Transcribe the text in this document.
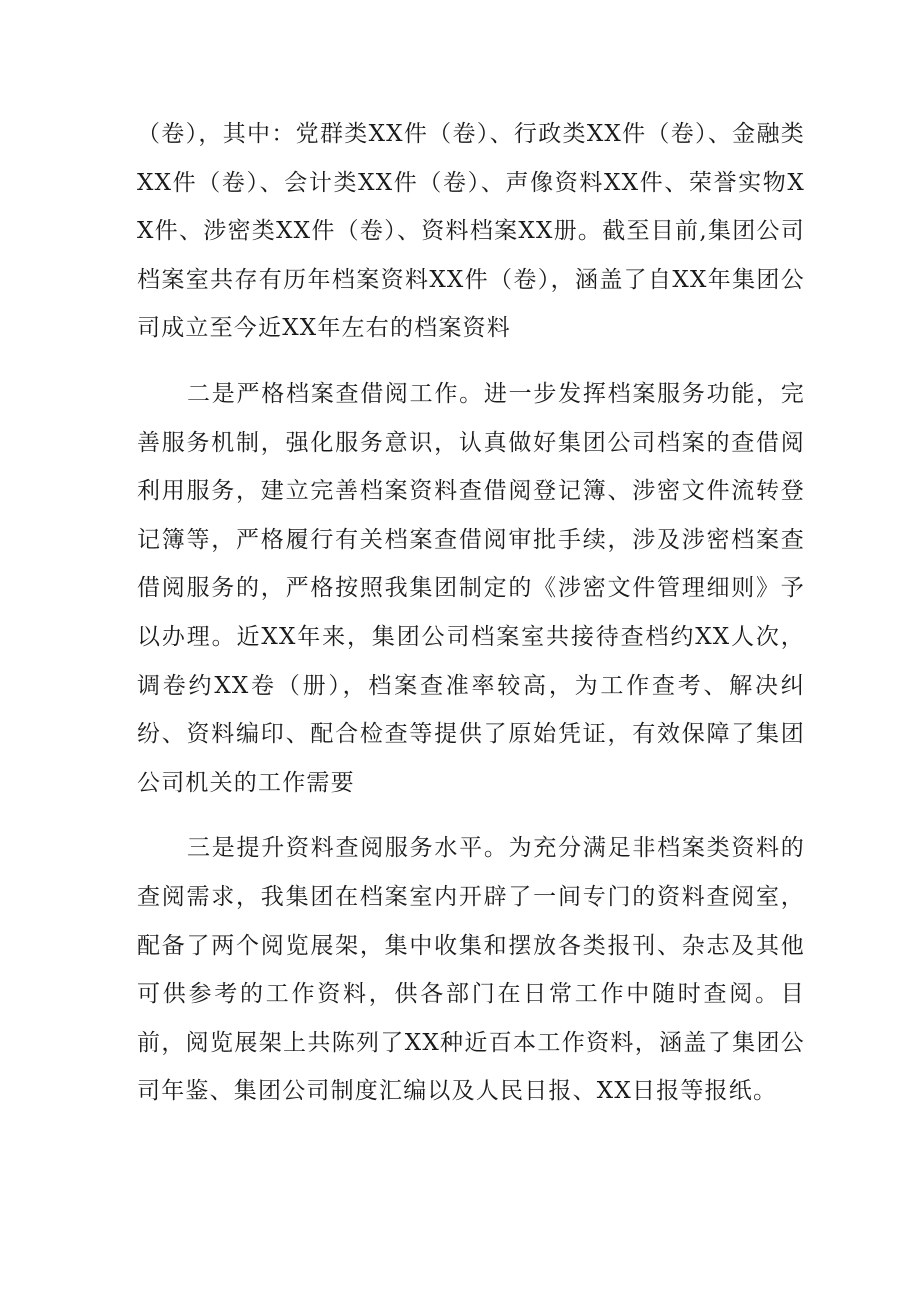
（卷），其中：党群类XX件（卷）、行政类XX件（卷）、金融类XX件（卷）、会计类XX件（卷）、声像资料XX件、荣誉实物XX件、涉密类XX件（卷）、资料档案XX册。截至目前,集团公司档案室共存有历年档案资料XX件（卷），涵盖了自XX年集团公司成立至今近XX年左右的档案资料

二是严格档案查借阅工作。进一步发挥档案服务功能，完善服务机制，强化服务意识，认真做好集团公司档案的查借阅利用服务，建立完善档案资料查借阅登记簿、涉密文件流转登记簿等，严格履行有关档案查借阅审批手续，涉及涉密档案查借阅服务的，严格按照我集团制定的《涉密文件管理细则》予以办理。近XX年来，集团公司档案室共接待查档约XX人次，调卷约XX卷（册），档案查准率较高，为工作查考、解决纠纷、资料编印、配合检查等提供了原始凭证，有效保障了集团公司机关的工作需要

三是提升资料查阅服务水平。为充分满足非档案类资料的查阅需求，我集团在档案室内开辟了一间专门的资料查阅室，配备了两个阅览展架，集中收集和摆放各类报刊、杂志及其他可供参考的工作资料，供各部门在日常工作中随时查阅。目前，阅览展架上共陈列了XX种近百本工作资料，涵盖了集团公司年鉴、集团公司制度汇编以及人民日报、XX日报等报纸。
